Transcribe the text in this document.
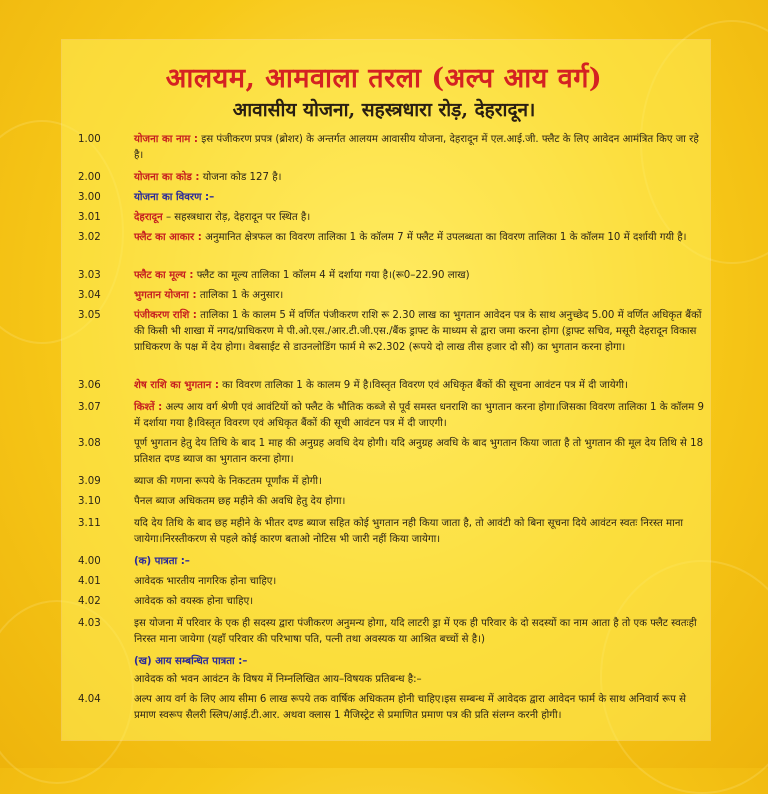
आलयम, आमवाला तरला (अल्प आय वर्ग)
आवासीय योजना, सहस्त्रधारा रोड़, देहरादून।
1.00	योजना का नाम : इस पंजीकरण प्रपत्र (ब्रोशर) के अन्तर्गत आलयम आवासीय योजना, देहरादून में एल.आई.जी. फ्लैट के लिए आवेदन आमंत्रित किए जा रहे है।
2.00	योजना का कोड : योजना कोड 127 है।
3.00	योजना का विवरण :–
3.01	देहरादून – सहस्त्रधारा रोड़, देहरादून पर स्थित है।
3.02	फ्लैट का आकार : अनुमानित क्षेत्रफल का विवरण तालिका 1 के कॉलम 7 में फ्लैट में उपलब्धता का विवरण तालिका 1 के कॉलम 10 में दर्शायी गयी है।
3.03	फ्लैट का मूल्य : फ्लैट का मूल्य तालिका 1 कॉलम 4 में दर्शाया गया है।(रू0–22.90 लाख)
3.04	भुगतान योजना : तालिका 1 के अनुसार।
3.05	पंजीकरण राशि : तालिका 1 के कालम 5 में वर्णित पंजीकरण राशि रू 2.30 लाख का भुगतान आवेदन पत्र के साथ अनुच्छेद 5.00 में वर्णित अधिकृत बैंकों की किसी भी शाखा में नगद/प्राधिकरण मे पी.ओ.एस./आर.टी.जी.एस./बैंक ड्राफ्ट के माध्यम से द्वारा जमा करना होगा (ड्राफ्ट सचिव, मसूरी देहरादून विकास प्राधिकरण के पक्ष में देय होगा। वेबसाईट से डाउनलोडिंग फार्म मे रू2.302 (रूपये दो लाख तीस हजार दो सौ) का भुगतान करना होगा।
3.06	शेष राशि का भुगतान : का विवरण तालिका 1 के कालम 9 में है।विस्तृत विवरण एवं अधिकृत बैंकों की सूचना आवंटन पत्र में दी जायेगी।
3.07	किश्तें : अल्प आय वर्ग श्रेणी एवं आवंटियों को फ्लैट के भौतिक कब्जे से पूर्व समस्त धनराशि का भुगतान करना होगा।जिसका विवरण तालिका 1 के कॉलम 9 में दर्शाया गया है।विस्तृत विवरण एवं अधिकृत बैंकों की सूची आवंटन पत्र में दी जाएगी।
3.08	पूर्ण भुगतान हेतु देय तिथि के बाद 1 माह की अनुग्रह अवधि देय होगी। यदि अनुग्रह अवधि के बाद भुगतान किया जाता है तो भुगतान की मूल देय तिथि से 18 प्रतिशत दण्ड ब्याज का भुगतान करना होगा।
3.09	ब्याज की गणना रूपये के निकटतम पूर्णांक में होगी।
3.10	पैनल ब्याज अधिकतम छह महीने की अवधि हेतु देय होगा।
3.11	यदि देय तिथि के बाद छह महीने के भीतर दण्ड ब्याज सहित कोई भुगतान नही किया जाता है, तो आवंटी को बिना सूचना दिये आवंटन स्वतः निरस्त माना जायेगा।निरस्तीकरण से पहले कोई कारण बताओ नोटिस भी जारी नहीं किया जायेगा।
4.00	(क) पात्रता :–
4.01	आवेदक भारतीय नागरिक होना चाहिए।
4.02	आवेदक को वयस्क होना चाहिए।
4.03	इस योजना में परिवार के एक ही सदस्य द्वारा पंजीकरण अनुमन्य होगा, यदि लाटरी ड्रा में एक ही परिवार के दो सदस्यों का नाम आता है तो एक फ्लैट स्वतःही निरस्त माना जायेगा (यहाँ परिवार की परिभाषा पति, पत्नी तथा अवस्यक या आश्रित बच्चों से है।)
(ख) आय सम्बन्धित पात्रता :–
आवेदक को भवन आवंटन के विषय में निम्नलिखित आय–विषयक प्रतिबन्ध है:–
4.04	अल्प आय वर्ग के लिए आय सीमा 6 लाख रूपये तक वार्षिक अधिकतम होनी चाहिए।इस सम्बन्ध में आवेदक द्वारा आवेदन फार्म के साथ अनिवार्य रूप से प्रमाण स्वरूप सैलरी स्लिप/आई.टी.आर. अथवा क्लास 1 मैजिस्ट्रेट से प्रमाणित प्रमाण पत्र की प्रति संलग्न करनी होगी।
